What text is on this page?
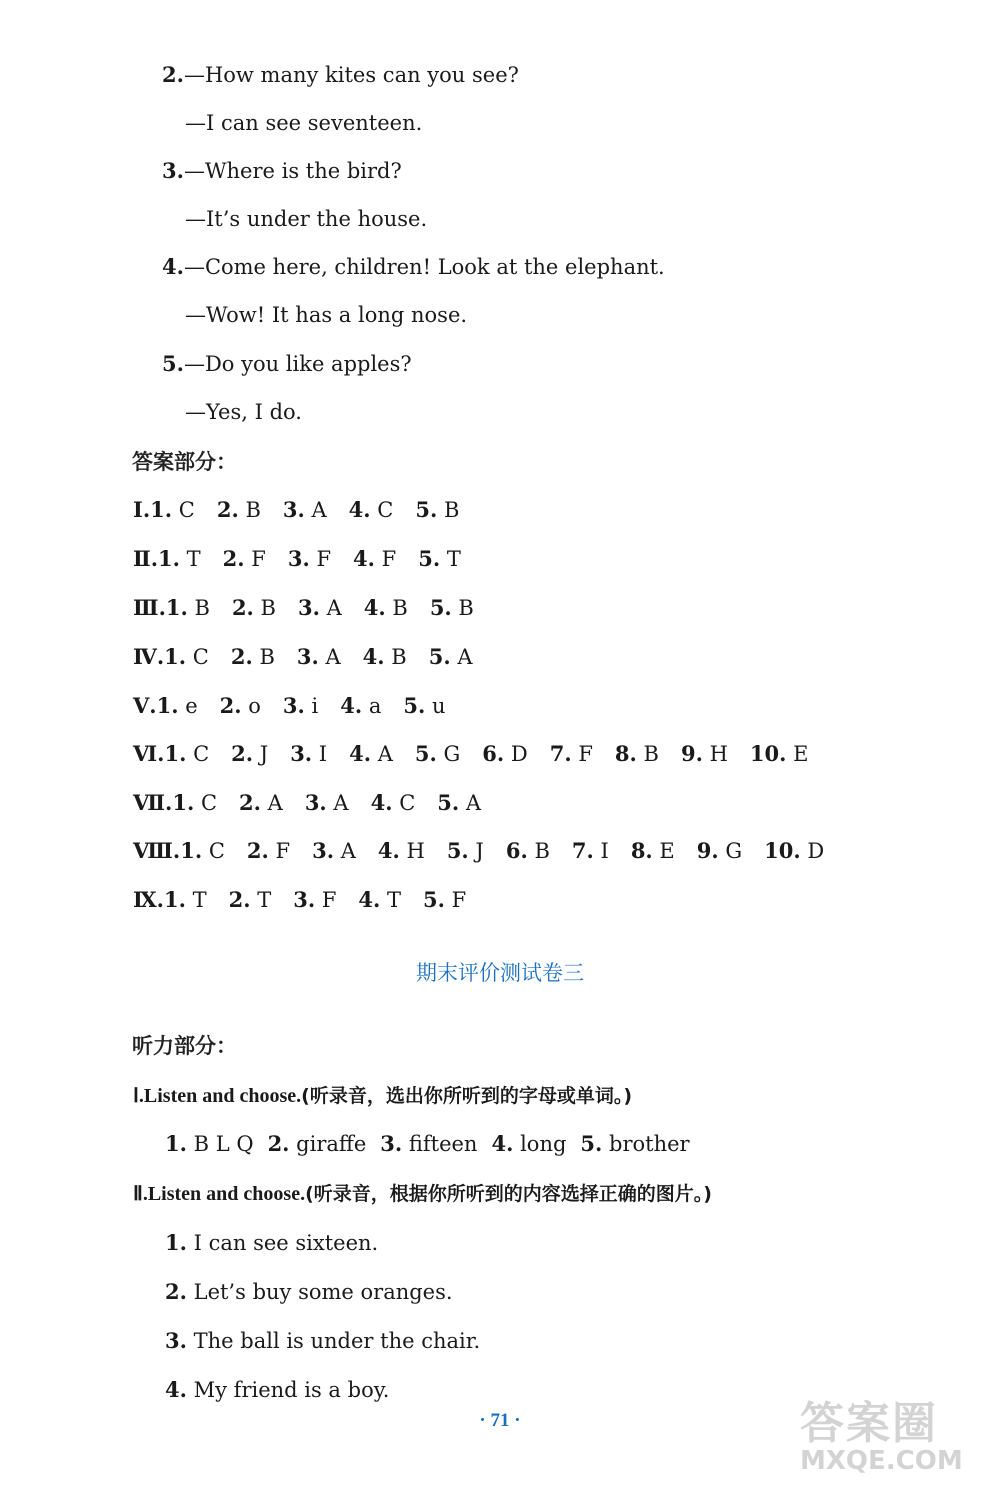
2.—How many kites can you see?
—I can see seventeen.
3.—Where is the bird?
—It’s under the house.
4.—Come here, children! Look at the elephant.
—Wow! It has a long nose.
5.—Do you like apples?
—Yes, I do.
答案部分：
Ⅰ.1. C 2. B 3. A 4. C 5. B
Ⅱ.1. T 2. F 3. F 4. F 5. T
Ⅲ.1. B 2. B 3. A 4. B 5. B
Ⅳ.1. C 2. B 3. A 4. B 5. A
Ⅴ.1. e 2. o 3. i 4. a 5. u
Ⅵ.1. C 2. J 3. I 4. A 5. G 6. D 7. F 8. B 9. H 10. E
Ⅶ.1. C 2. A 3. A 4. C 5. A
Ⅷ.1. C 2. F 3. A 4. H 5. J 6. B 7. I 8. E 9. G 10. D
Ⅸ.1. T 2. T 3. F 4. T 5. F
期末评价测试卷三
听力部分：
Ⅰ.Listen and choose.(听录音，选出你所听到的字母或单词。)
1. B L Q 2. giraffe 3. fifteen 4. long 5. brother
Ⅱ.Listen and choose.(听录音，根据你所听到的内容选择正确的图片。)
1. I can see sixteen.
2. Let’s buy some oranges.
3. The ball is under the chair.
4. My friend is a boy.
· 71 ·	答案圈
MXQE.COM
